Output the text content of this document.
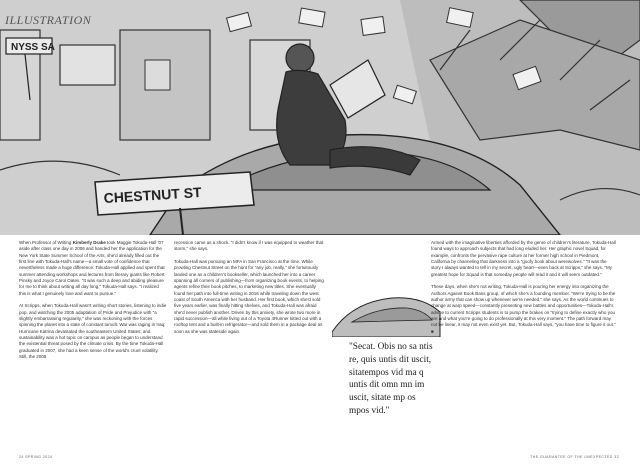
NYSS SA
CHESTNUT ST
ILLUSTRATION

When Professor of Writing Kimberly Drake took Maggie Tokuda-Hall '07 aside after class one day in 2006 and handed her the application for the New York State Summer School of the Arts, she'd already filled out the first line with Tokuda-Hall's name—a small vote of confidence that nevertheless made a huge difference. Tokuda-Hall applied and spent that summer attending workshops and lectures from literary giants like Robert Pinsky and Joyce Carol Oates. "It was such a deep and abiding pleasure for me to think about writing all day long," Tokuda-Hall says. "I realized this is what I genuinely love and want to pursue."

At Scripps, when Tokuda-Hall wasn't writing short stories, listening to indie pop, and watching the 2005 adaptation of Pride and Prejudice with "a slightly embarrassing regularity," she was reckoning with the forces spinning the planet into a state of constant tumult. War was raging in Iraq; Hurricane Katrina devastated the southeastern United States; and sustainability was a hot topic on campus as people began to understand the existential threat posed by the climate crisis. By the time Tokuda-Hall graduated in 2007, she had a keen sense of the world's cruel volatility. Still, the 2008

recession came as a shock. "I didn't know if I was equipped to weather that storm," she says.

Tokuda-Hall was pursuing an MFA in San Francisco at the time. While prowling Chestnut Street on the hunt for "any job, really," she fortuitously landed one as a children's bookseller, which launched her into a career spanning all corners of publishing—from organizing book events, to helping agents refine their book pitches, to marketing new titles. She eventually found her path into full-time writing in 2016 while traveling down the west coast of South America with her husband. Her first book, which she'd sold five years earlier, was finally hitting shelves, and Tokuda-Hall was afraid she'd never publish another. Driven by this anxiety, she wrote two more in rapid succession—all while living out of a Toyota 4Runner kitted out with a rooftop tent and a built-in refrigerator—and sold them in a package deal as soon as she was stateside again.

"Secat. Obis no sa ntis re, quis untis dit uscit, sitatempos vid ma q untis dit omn mn im uscit, sitate mp os mpos vid."

Armed with the imaginative liberties afforded by the genre of children's literature, Tokuda-Hall found ways to approach subjects that had long eluded her. Her graphic novel Squad, for example, confronts the pervasive rape culture at her former high school in Piedmont, California by channeling that darkness into a "goofy book about werewolves." "It was the story I always wanted to tell in my secret, ugly heart—even back at Scripps," she says. "My greatest hope for Squad is that someday people will read it and it will seem outdated."

These days, when she's not writing, Tokuda-Hall is pouring her energy into organizing the Authors Against Book Bans group, of which she's a founding member. "We're trying to be the author army that can show up whenever we're needed," she says. As the world continues to change at warp speed—constantly presenting new battles and opportunities—Tokuda-Hall's advice to current Scripps students is to pump the brakes on "trying to define exactly who you are and what you're going to do professionally at this very moment." The path forward may not be linear, it may not even exist yet. But, Tokuda-Hall says, "you have time to figure it out." ■

24 SPRING 2024	THE GUARANTEE OF THE UNEXPECTED 33
